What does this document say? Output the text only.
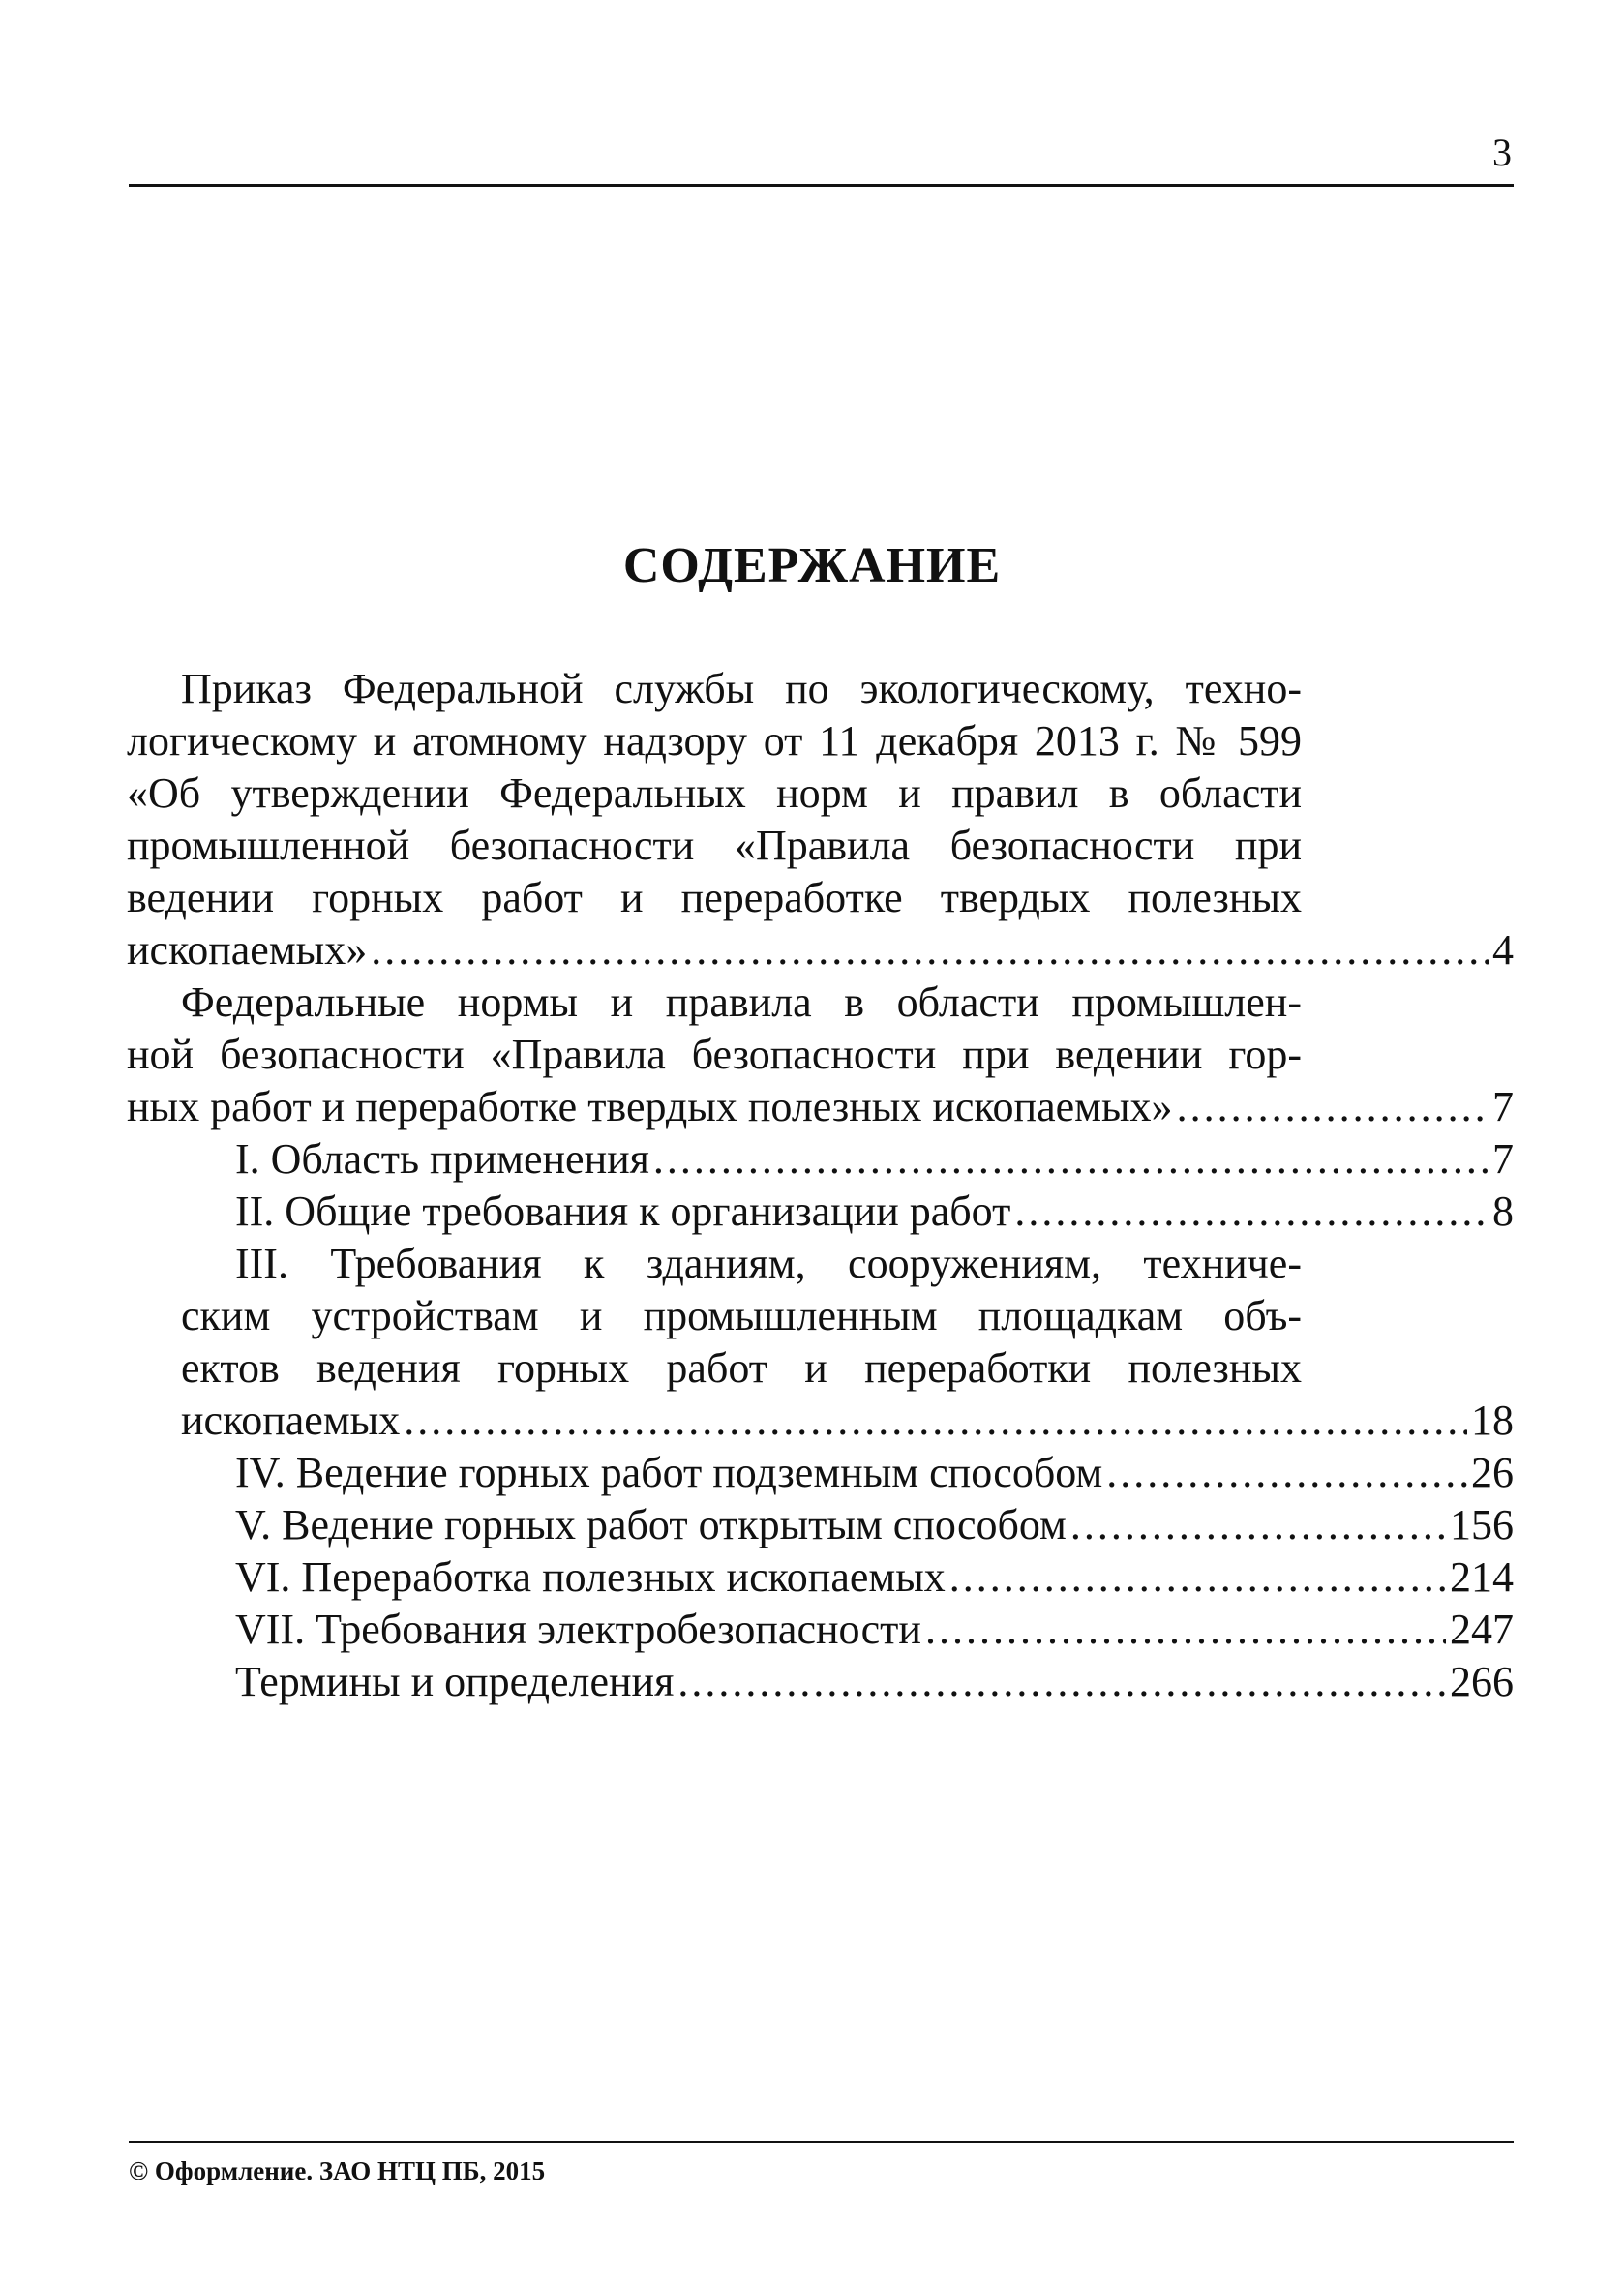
3
СОДЕРЖАНИЕ
Приказ Федеральной службы по экологическому, техно-
логическому и атомному надзору от 11 декабря 2013 г. № 599
«Об утверждении Федеральных норм и правил в области
промышленной безопасности «Правила безопасности при
ведении горных работ и переработке твердых полезных
ископаемых» .....	4
Федеральные нормы и правила в области промышлен-
ной безопасности «Правила безопасности при ведении гор-
ных работ и переработке твердых полезных ископаемых» .....	7
I. Область применения .....	7
II. Общие требования к организации работ .....	8
III. Требования к зданиям, сооружениям, техниче-
ским устройствам и промышленным площадкам объ-
ектов ведения горных работ и переработки полезных
ископаемых .....	18
IV. Ведение горных работ подземным способом .....	26
V. Ведение горных работ открытым способом .....	156
VI. Переработка полезных ископаемых .....	214
VII. Требования электробезопасности .....	247
Термины и определения .....	266
© Оформление. ЗАО НТЦ ПБ, 2015
